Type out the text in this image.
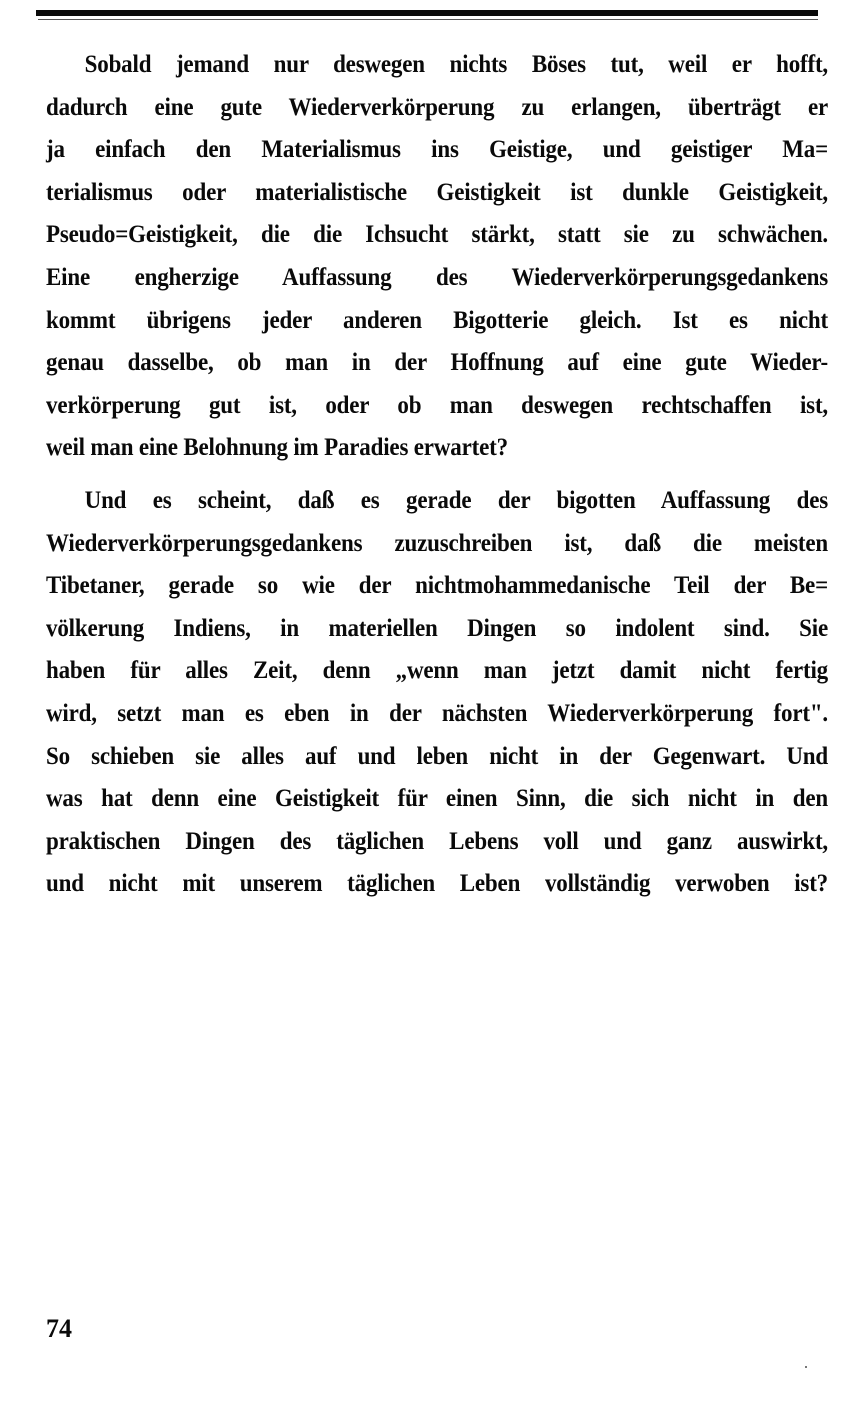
Sobald jemand nur deswegen nichts Böses tut, weil er hofft,
dadurch eine gute Wiederverkörperung zu erlangen, überträgt er
ja einfach den Materialismus ins Geistige, und geistiger Ma=
terialismus oder materialistische Geistigkeit ist dunkle Geistigkeit,
Pseudo=Geistigkeit, die die Ichsucht stärkt, statt sie zu schwächen.
Eine engherzige Auffassung des Wiederverkörperungsgedankens
kommt übrigens jeder anderen Bigotterie gleich. Ist es nicht
genau dasselbe, ob man in der Hoffnung auf eine gute Wieder-
verkörperung gut ist, oder ob man deswegen rechtschaffen ist,
weil man eine Belohnung im Paradies erwartet?
Und es scheint, daß es gerade der bigotten Auffassung des
Wiederverkörperungsgedankens zuzuschreiben ist, daß die meisten
Tibetaner, gerade so wie der nichtmohammedanische Teil der Be=
völkerung Indiens, in materiellen Dingen so indolent sind. Sie
haben für alles Zeit, denn „wenn man jetzt damit nicht fertig
wird, setzt man es eben in der nächsten Wiederverkörperung fort".
So schieben sie alles auf und leben nicht in der Gegenwart. Und
was hat denn eine Geistigkeit für einen Sinn, die sich nicht in den
praktischen Dingen des täglichen Lebens voll und ganz auswirkt,
und nicht mit unserem täglichen Leben vollständig verwoben ist?
74
